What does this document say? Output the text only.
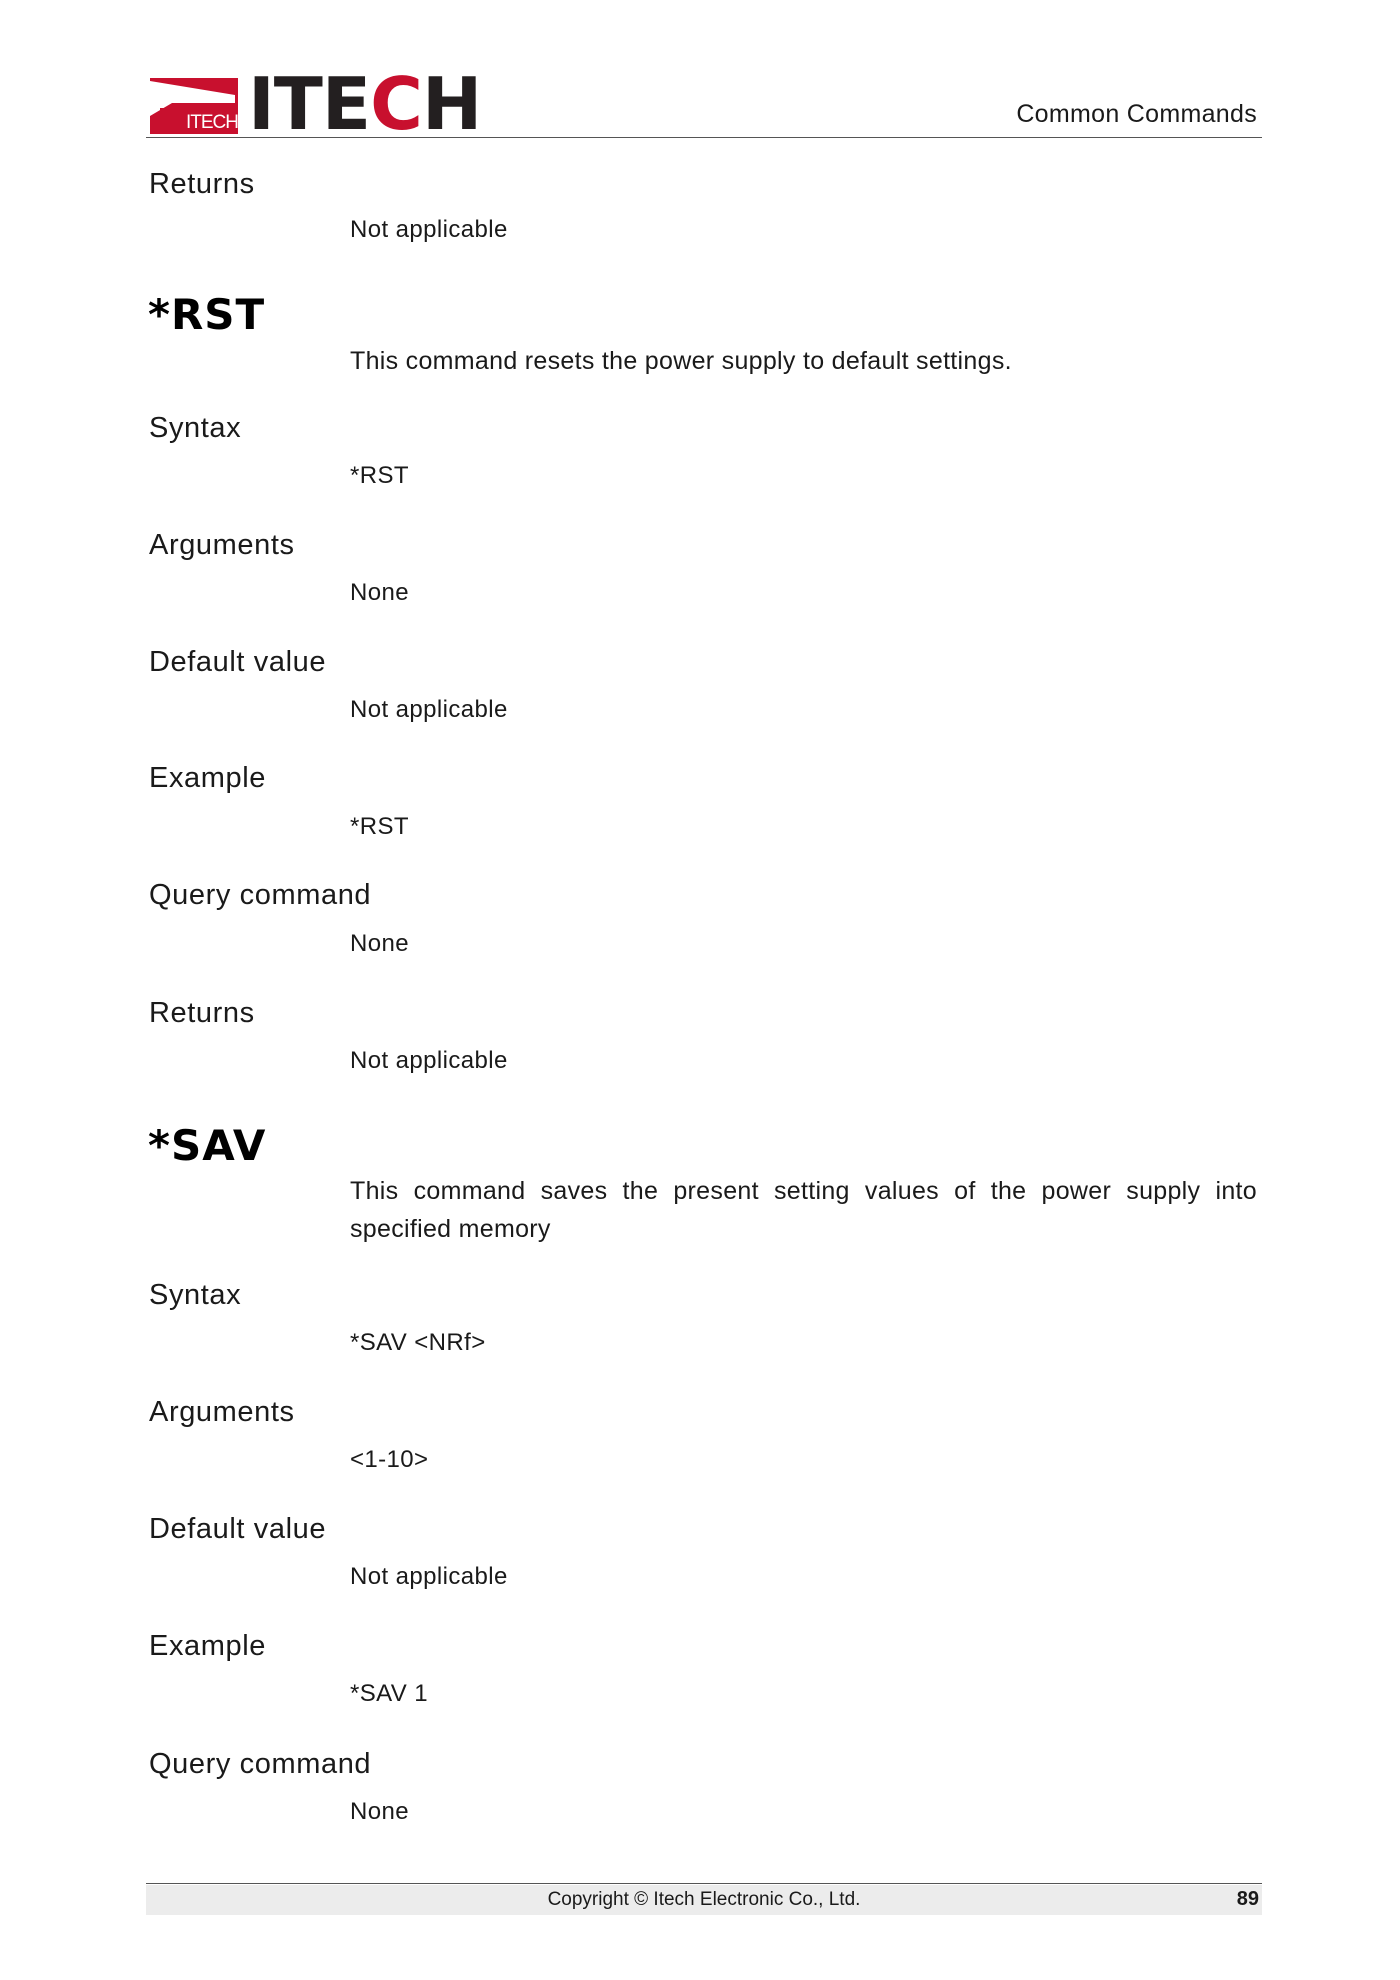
ITECH ITECH	Common Commands
Returns
Not applicable
*RST
This command resets the power supply to default settings.
Syntax
*RST
Arguments
None
Default value
Not applicable
Example
*RST
Query command
None
Returns
Not applicable
*SAV
This command saves the present setting values of the power supply into specified memory
Syntax
*SAV <NRf>
Arguments
<1-10>
Default value
Not applicable
Example
*SAV 1
Query command
None
Copyright © Itech Electronic Co., Ltd.	89
